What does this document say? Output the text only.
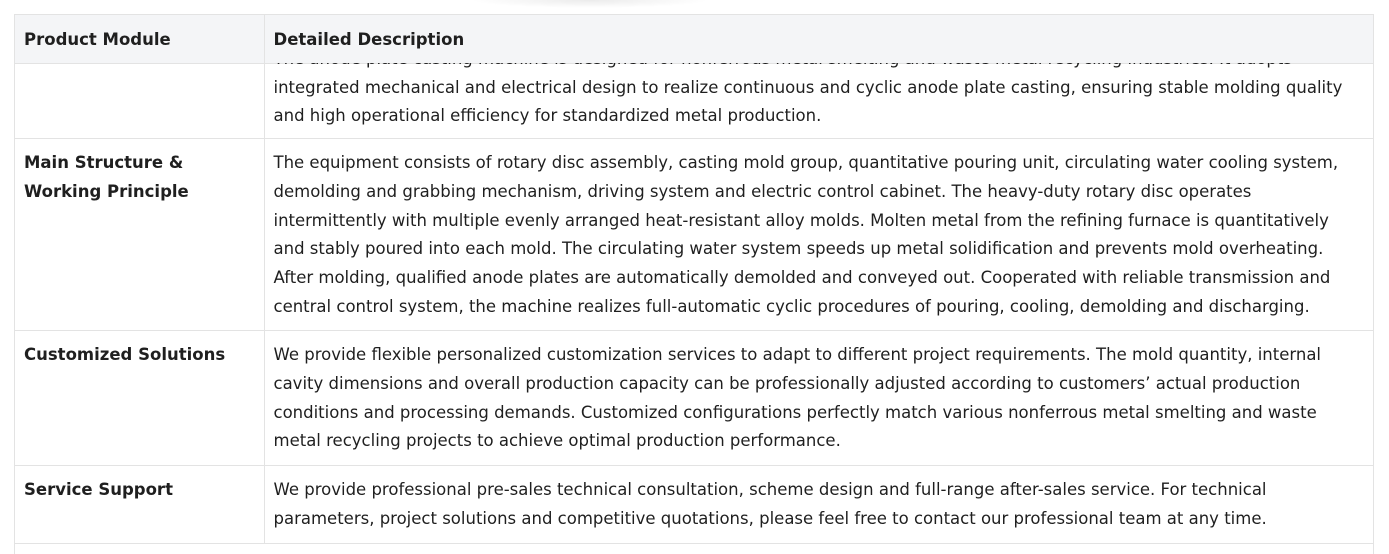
Product Module	Detailed Description

	integrated mechanical and electrical design to realize continuous and cyclic anode plate casting, ensuring stable molding quality and high operational efficiency for standardized metal production.

Main Structure & Working Principle	The equipment consists of rotary disc assembly, casting mold group, quantitative pouring unit, circulating water cooling system, demolding and grabbing mechanism, driving system and electric control cabinet. The heavy-duty rotary disc operates intermittently with multiple evenly arranged heat-resistant alloy molds. Molten metal from the refining furnace is quantitatively and stably poured into each mold. The circulating water system speeds up metal solidification and prevents mold overheating. After molding, qualified anode plates are automatically demolded and conveyed out. Cooperated with reliable transmission and central control system, the machine realizes full-automatic cyclic procedures of pouring, cooling, demolding and discharging.
Customized Solutions	We provide flexible personalized customization services to adapt to different project requirements. The mold quantity, internal cavity dimensions and overall production capacity can be professionally adjusted according to customers’ actual production conditions and processing demands. Customized configurations perfectly match various nonferrous metal smelting and waste metal recycling projects to achieve optimal production performance.
Service Support	We provide professional pre-sales technical consultation, scheme design and full-range after-sales service. For technical parameters, project solutions and competitive quotations, please feel free to contact our professional team at any time.
